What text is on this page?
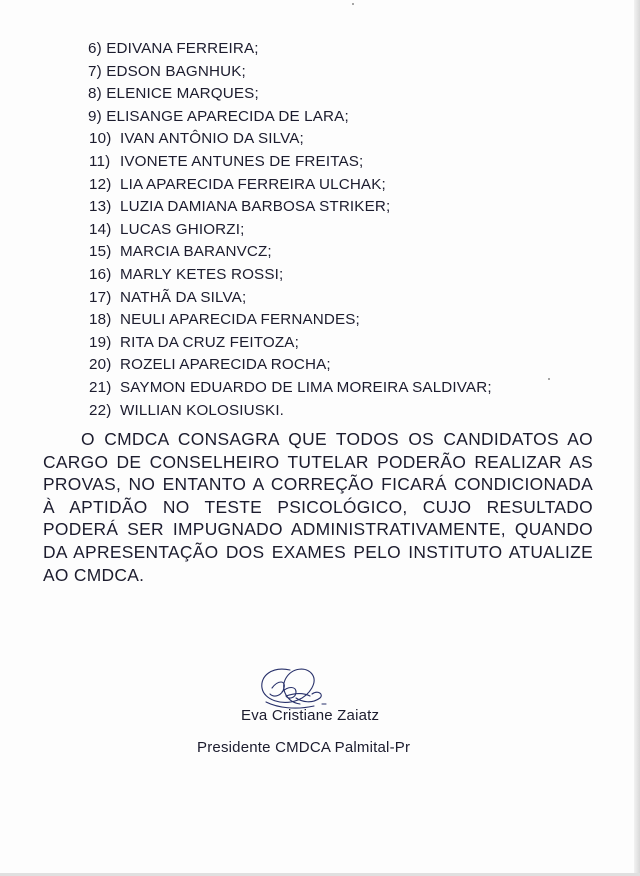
6) EDIVANA FERREIRA;
7) EDSON BAGNHUK;
8) ELENICE MARQUES;
9) ELISANGE APARECIDA DE LARA;
10) IVAN ANTÔNIO DA SILVA;
11) IVONETE ANTUNES DE FREITAS;
12) LIA APARECIDA FERREIRA ULCHAK;
13) LUZIA DAMIANA BARBOSA STRIKER;
14) LUCAS GHIORZI;
15) MARCIA BARANVCZ;
16) MARLY KETES ROSSI;
17) NATHÃ DA SILVA;
18) NEULI APARECIDA FERNANDES;
19) RITA DA CRUZ FEITOZA;
20) ROZELI APARECIDA ROCHA;
21) SAYMON EDUARDO DE LIMA MOREIRA SALDIVAR;
22) WILLIAN KOLOSIUSKI.

O CMDCA CONSAGRA QUE TODOS OS CANDIDATOS AO CARGO DE CONSELHEIRO TUTELAR PODERÃO REALIZAR AS PROVAS, NO ENTANTO A CORREÇÃO FICARÁ CONDICIONADA À APTIDÃO NO TESTE PSICOLÓGICO, CUJO RESULTADO PODERÁ SER IMPUGNADO ADMINISTRATIVAMENTE, QUANDO DA APRESENTAÇÃO DOS EXAMES PELO INSTITUTO ATUALIZE AO CMDCA.

Eva Cristiane Zaiatz
Presidente CMDCA Palmital-Pr
